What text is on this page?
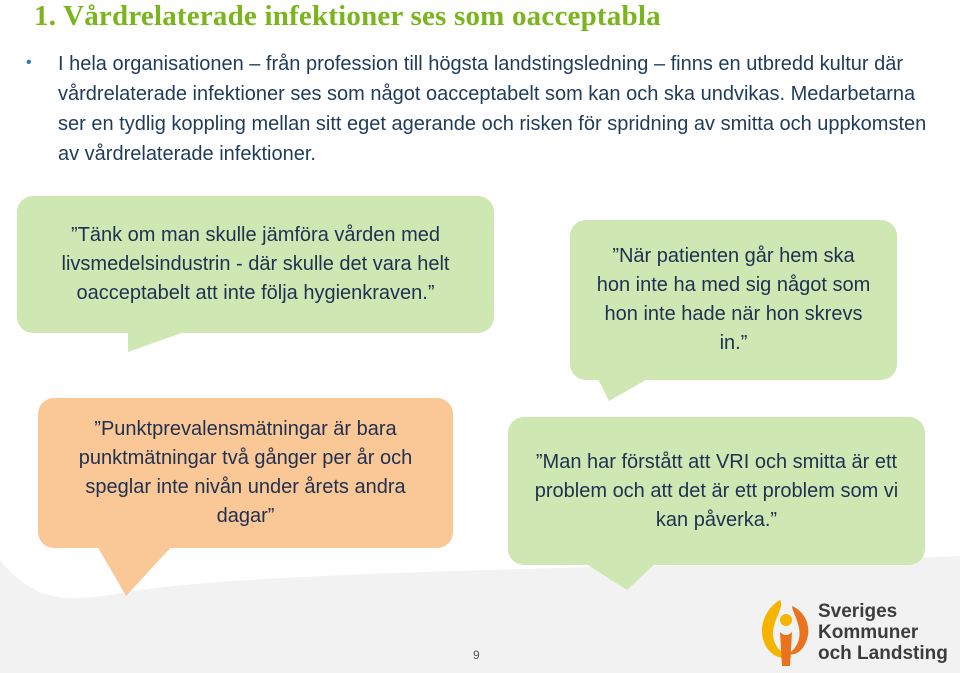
1. Vårdrelaterade infektioner ses som oacceptabla
• I hela organisationen – från profession till högsta landstingsledning – finns en utbredd kultur där vårdrelaterade infektioner ses som något oacceptabelt som kan och ska undvikas. Medarbetarna ser en tydlig koppling mellan sitt eget agerande och risken för spridning av smitta och uppkomsten av vårdrelaterade infektioner.
”Tänk om man skulle jämföra vården med livsmedelsindustrin - där skulle det vara helt oacceptabelt att inte följa hygienkraven.”
”När patienten går hem ska hon inte ha med sig något som hon inte hade när hon skrevs in.”
”Punktprevalensmätningar är bara punktmätningar två gånger per år och speglar inte nivån under årets andra dagar”
”Man har förstått att VRI och smitta är ett problem och att det är ett problem som vi kan påverka.”
9
Sveriges
Kommuner
och Landsting
